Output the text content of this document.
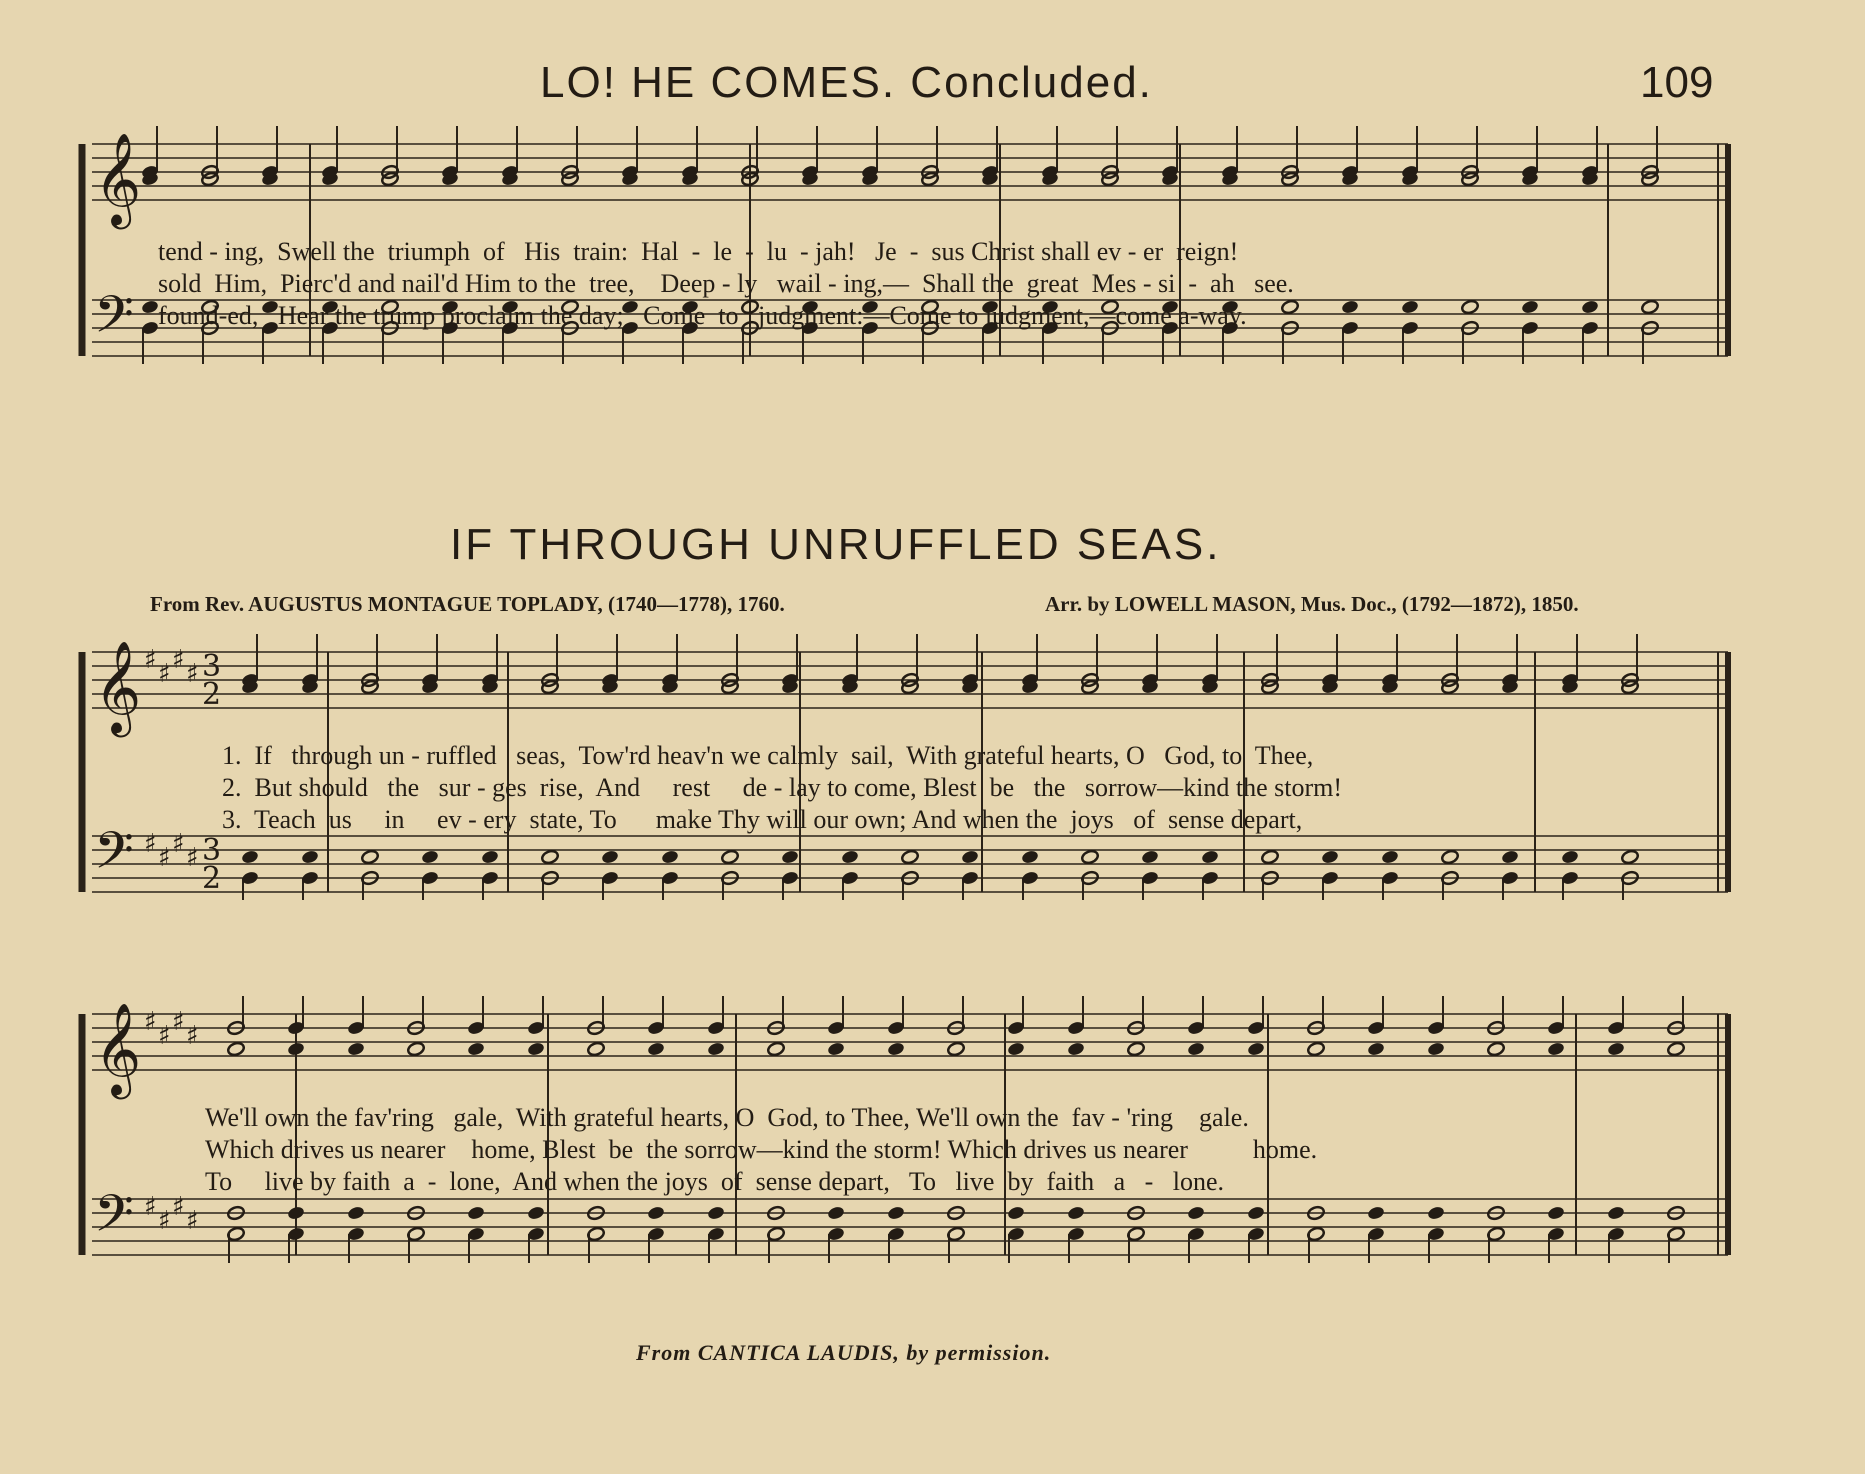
LO! HE COMES. Concluded.	109
𝄞
𝄢
𝄞
𝄢
♯
♯
♯
♯
♯
♯
♯
♯
3
2
3
2
𝄞
𝄢
♯
♯
♯
♯
♯
♯
♯
♯
tend - ing,  Swell the  triumph  of   His  train:  Hal  -  le  -  lu  - jah!   Je  -  sus Christ shall ev - er  reign!
sold  Him,  Pierc'd and nail'd Him to the  tree,    Deep - ly   wail - ing,—  Shall the  great  Mes - si  -  ah   see.
found-ed,   Hear the trump proclaim the day;   Come  to   judgment:—Come to judgment,—come a-way.
IF THROUGH UNRUFFLED SEAS.
From Rev. AUGUSTUS MONTAGUE TOPLADY, (1740—1778), 1760.	Arr. by LOWELL MASON, Mus. Doc., (1792—1872), 1850.
1.  If   through un - ruffled   seas,  Tow'rd heav'n we calmly  sail,  With grateful hearts, O   God, to  Thee,
2.  But should   the   sur - ges  rise,  And     rest     de - lay to come, Blest  be   the   sorrow—kind the storm!
3.  Teach  us     in     ev - ery  state, To      make Thy will our own; And when the  joys   of  sense depart,
We'll own the fav'ring   gale,  With grateful hearts, O  God, to Thee, We'll own the  fav - 'ring    gale.
Which drives us nearer    home, Blest  be  the sorrow—kind the storm! Which drives us nearer          home.
To     live by faith  a  -  lone,  And when the joys  of  sense depart,   To   live  by  faith   a   -   lone.
From CANTICA LAUDIS, by permission.
